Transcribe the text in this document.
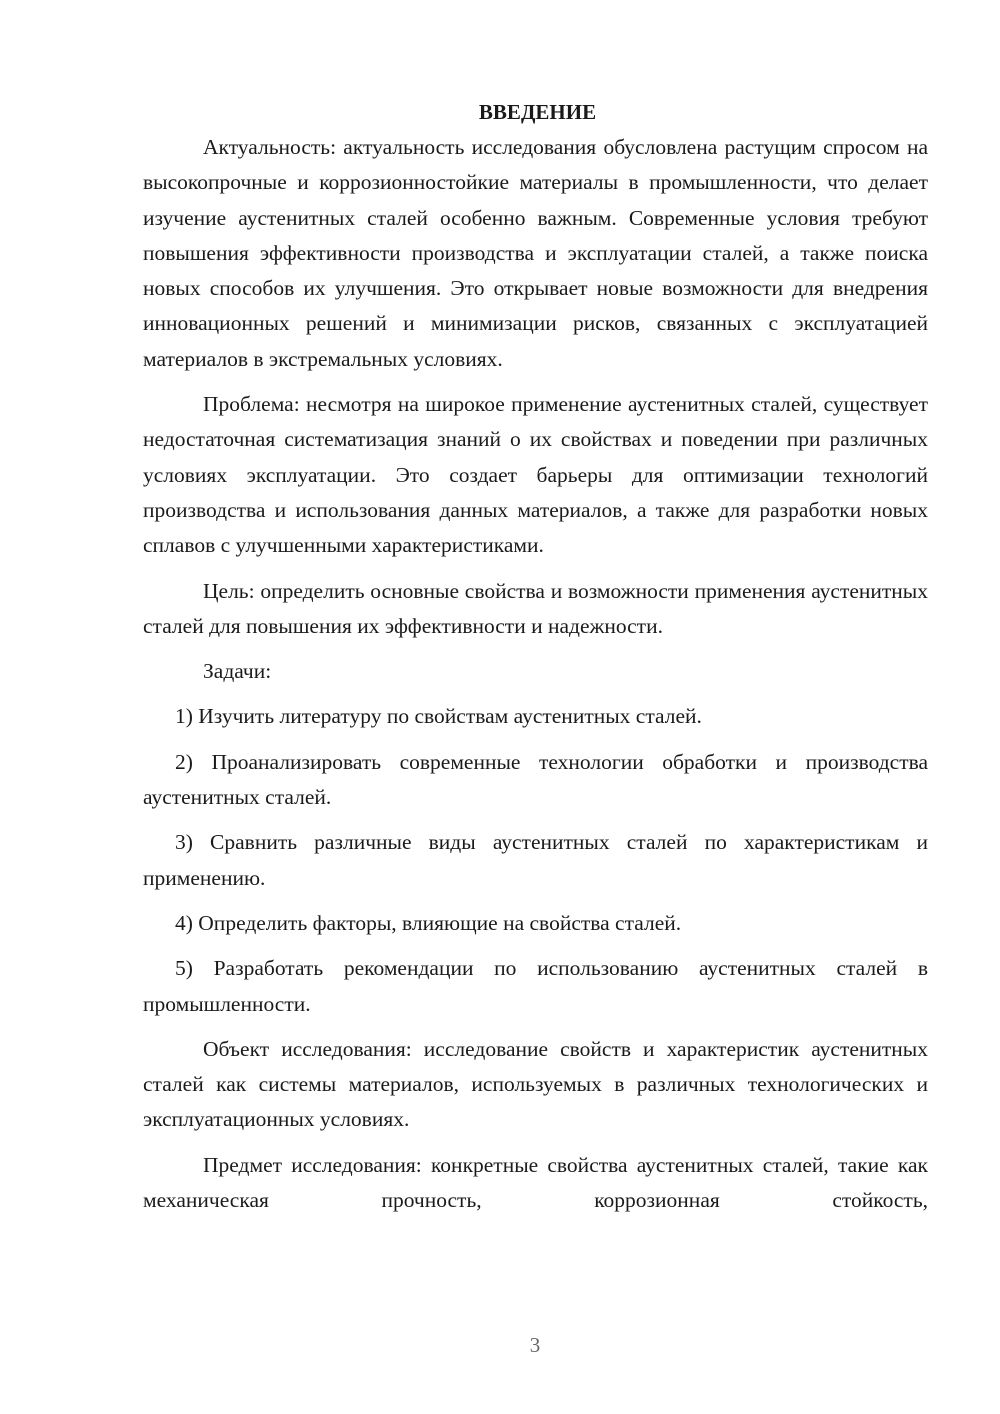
ВВЕДЕНИЕ

Актуальность: актуальность исследования обусловлена растущим спросом на высокопрочные и коррозионностойкие материалы в промышленности, что делает изучение аустенитных сталей особенно важным. Современные условия требуют повышения эффективности производства и эксплуатации сталей, а также поиска новых способов их улучшения. Это открывает новые возможности для внедрения инновационных решений и минимизации рисков, связанных с эксплуатацией материалов в экстремальных условиях.

Проблема: несмотря на широкое применение аустенитных сталей, существует недостаточная систематизация знаний о их свойствах и поведении при различных условиях эксплуатации. Это создает барьеры для оптимизации технологий производства и использования данных материалов, а также для разработки новых сплавов с улучшенными характеристиками.

Цель: определить основные свойства и возможности применения аустенитных сталей для повышения их эффективности и надежности.

Задачи:

1) Изучить литературу по свойствам аустенитных сталей.

2) Проанализировать современные технологии обработки и производства аустенитных сталей.

3) Сравнить различные виды аустенитных сталей по характеристикам и применению.

4) Определить факторы, влияющие на свойства сталей.

5) Разработать рекомендации по использованию аустенитных сталей в промышленности.

Объект исследования: исследование свойств и характеристик аустенитных сталей как системы материалов, используемых в различных технологических и эксплуатационных условиях.

Предмет исследования: конкретные свойства аустенитных сталей, такие как механическая прочность, коррозионная стойкость,

3
